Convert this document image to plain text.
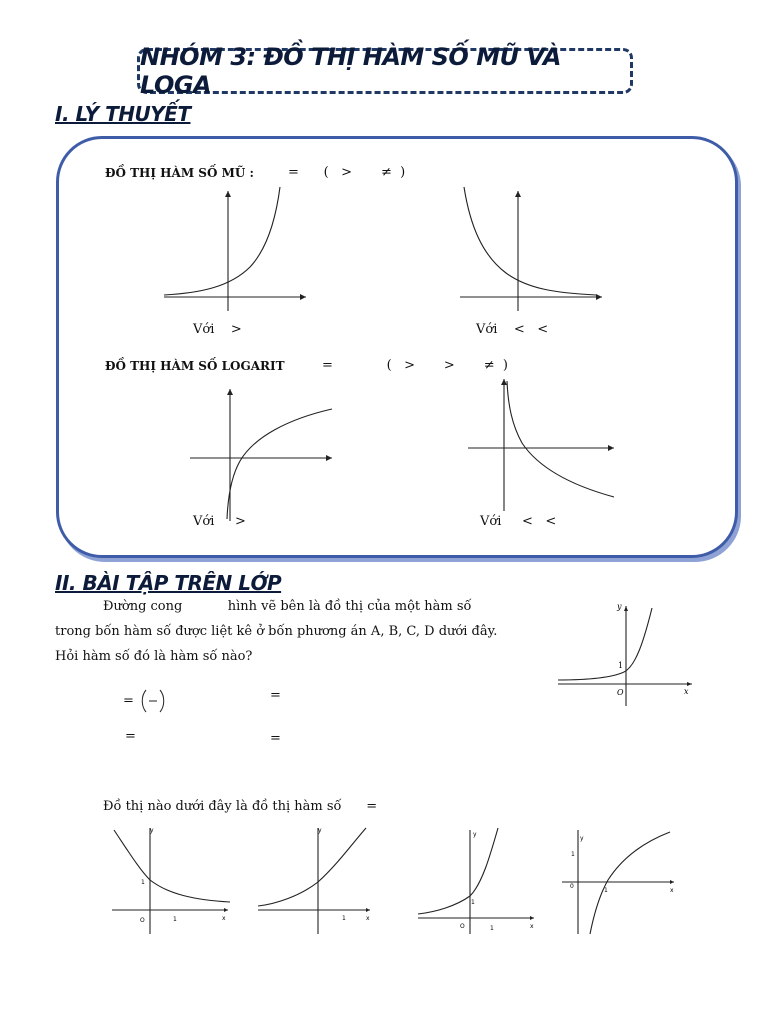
NHÓM 3: ĐỒ THỊ HÀM SỐ MŨ VÀ LOGA
I. LÝ THUYẾT
ĐỒ THỊ HÀM SỐ MŨ :	=      (   >       ≠  )
Với    >	Với    <   <
ĐỒ THỊ HÀM SỐ LOGARIT	=             (   >       >       ≠  )
Với     >	Với     <   <
II. BÀI TẬP TRÊN LỚP
Đường cong           hình vẽ bên là đồ thị của một hàm số
trong bốn hàm số được liệt kê ở bốn phương án A, B, C, D dưới đây.
Hỏi hàm số đó là hàm số nào?
=	=
=	=
y
x
1
O
Đồ thị nào dưới đây là đồ thị hàm số      =
y
x
1
O	1
y
x
1
y
x
1
O	1
y
x
1
0
1
